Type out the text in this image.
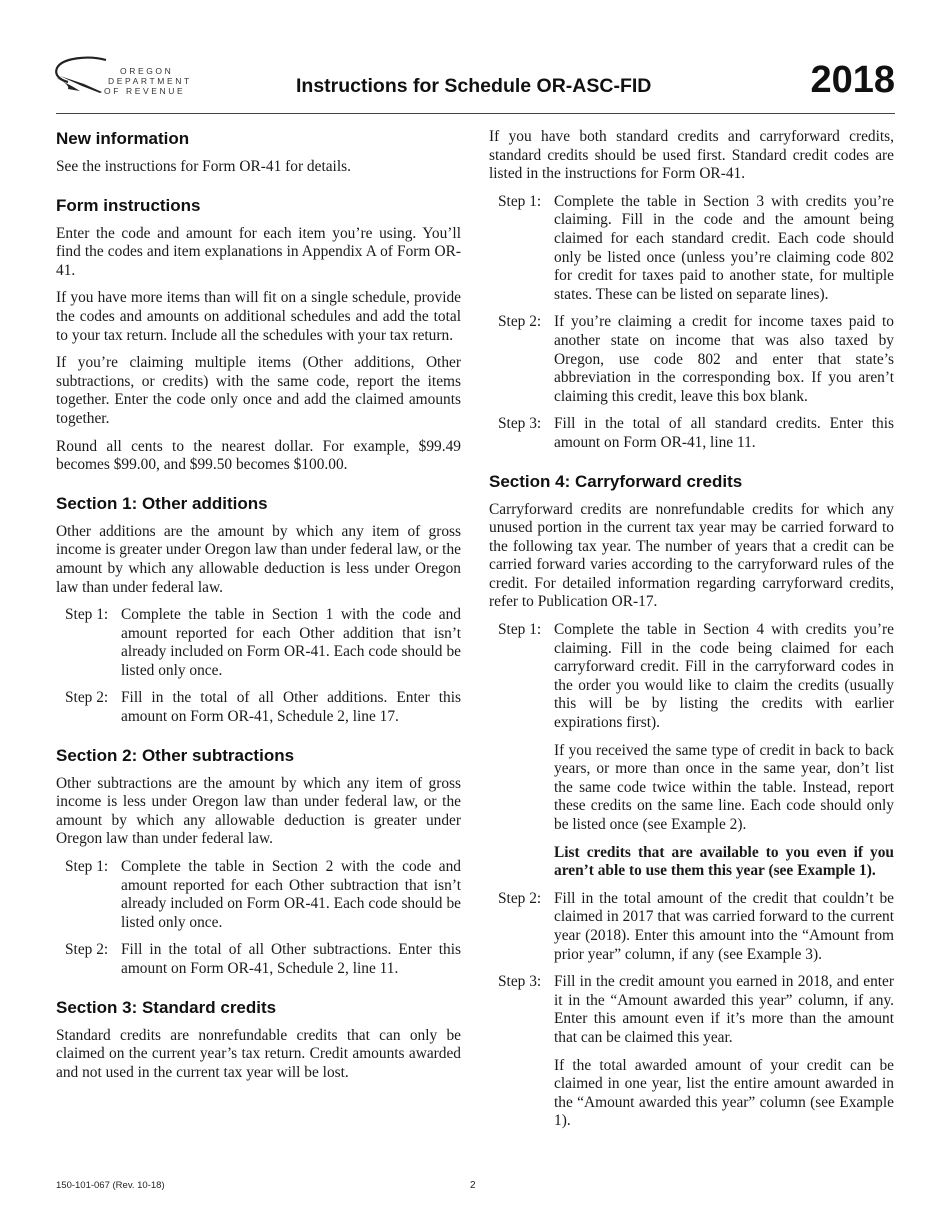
OREGON
DEPARTMENT
OF REVENUE	Instructions for Schedule OR-ASC-FID	2018
New information

See the instructions for Form OR-41 for details.

Form instructions

Enter the code and amount for each item you’re using. You’ll find the codes and item explanations in Appendix A of Form OR-41.

If you have more items than will fit on a single schedule, provide the codes and amounts on additional schedules and add the total to your tax return. Include all the schedules with your tax return.

If you’re claiming multiple items (Other additions, Other subtractions, or credits) with the same code, report the items together. Enter the code only once and add the claimed amounts together.

Round all cents to the nearest dollar. For example, $99.49 becomes $99.00, and $99.50 becomes $100.00.

Section 1: Other additions

Other additions are the amount by which any item of gross income is greater under Oregon law than under federal law, or the amount by which any allowable deduction is less under Oregon law than under federal law.

Step 1: Complete the table in Section 1 with the code and amount reported for each Other addition that isn’t already included on Form OR-41. Each code should be listed only once.
Step 2: Fill in the total of all Other additions. Enter this amount on Form OR-41, Schedule 2, line 17.
Section 2: Other subtractions

Other subtractions are the amount by which any item of gross income is less under Oregon law than under federal law, or the amount by which any allowable deduction is greater under Oregon law than under federal law.

Step 1: Complete the table in Section 2 with the code and amount reported for each Other subtraction that isn’t already included on Form OR-41. Each code should be listed only once.
Step 2: Fill in the total of all Other subtractions. Enter this amount on Form OR-41, Schedule 2, line 11.
Section 3: Standard credits

Standard credits are nonrefundable credits that can only be claimed on the current year’s tax return. Credit amounts awarded and not used in the current tax year will be lost.

If you have both standard credits and carryforward credits, standard credits should be used first. Standard credit codes are listed in the instructions for Form OR-41.

Step 1: Complete the table in Section 3 with credits you’re claiming. Fill in the code and the amount being claimed for each standard credit. Each code should only be listed once (unless you’re claiming code 802 for credit for taxes paid to another state, for multiple states. These can be listed on separate lines).
Step 2: If you’re claiming a credit for income taxes paid to another state on income that was also taxed by Oregon, use code 802 and enter that state’s abbreviation in the corresponding box. If you aren’t claiming this credit, leave this box blank.
Step 3: Fill in the total of all standard credits. Enter this amount on Form OR-41, line 11.
Section 4: Carryforward credits

Carryforward credits are nonrefundable credits for which any unused portion in the current tax year may be carried forward to the following tax year. The number of years that a credit can be carried forward varies according to the carryforward rules of the credit. For detailed information regarding carryforward credits, refer to Publication OR-17.

Step 1: Complete the table in Section 4 with credits you’re claiming. Fill in the code being claimed for each carryforward credit. Fill in the carryforward codes in the order you would like to claim the credits (usually this will be by listing the credits with earlier expirations first).

If you received the same type of credit in back to back years, or more than once in the same year, don’t list the same code twice within the table. Instead, report these credits on the same line. Each code should only be listed once (see Example 2).

List credits that are available to you even if you aren’t able to use them this year (see Example 1).

Step 2: Fill in the total amount of the credit that couldn’t be claimed in 2017 that was carried forward to the current year (2018). Enter this amount into the “Amount from prior year” column, if any (see Example 3).

Step 3: Fill in the credit amount you earned in 2018, and enter it in the “Amount awarded this year” column, if any. Enter this amount even if it’s more than the amount that can be claimed this year.

If the total awarded amount of your credit can be claimed in one year, list the entire amount awarded in the “Amount awarded this year” column (see Example 1).

150-101-067 (Rev. 10-18)	2
